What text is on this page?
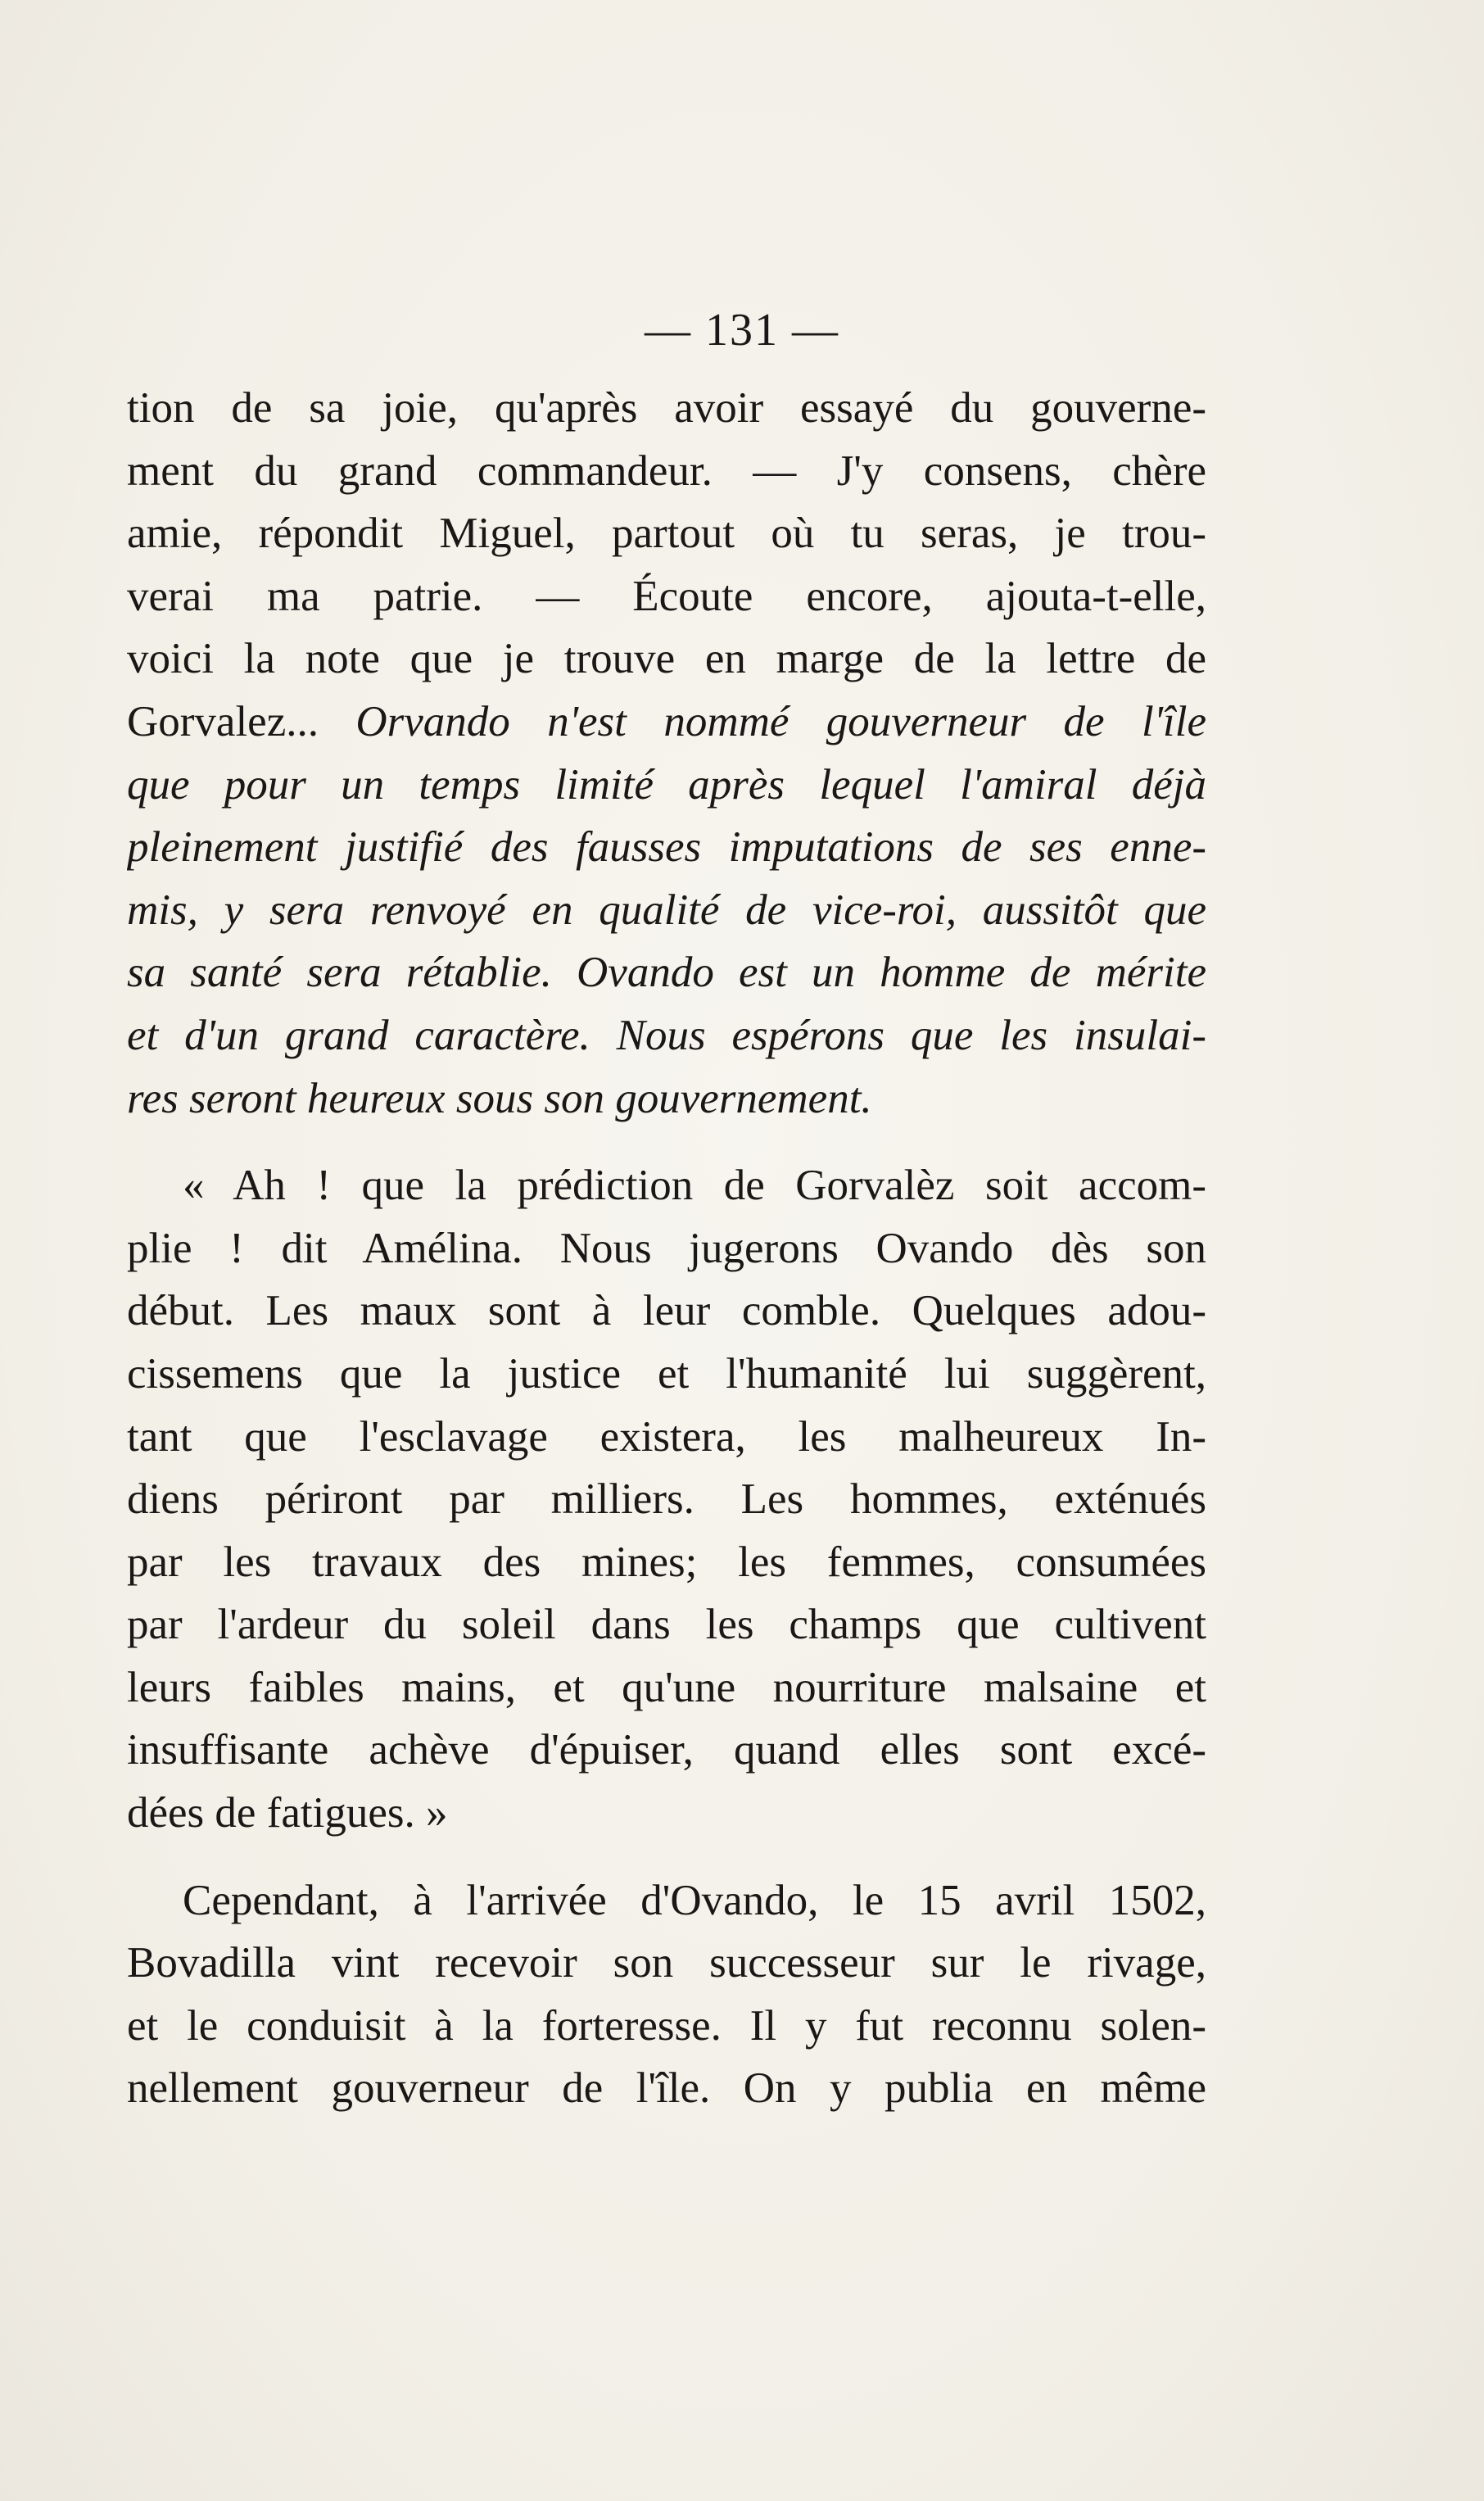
— 131 —
tion de sa joie, qu'après avoir essayé du gouverne-
ment du grand commandeur. — J'y consens, chère
amie, répondit Miguel, partout où tu seras, je trou-
verai ma patrie. — Écoute encore, ajouta-t-elle,
voici la note que je trouve en marge de la lettre de
Gorvalez... Orvando n'est nommé gouverneur de l'île
que pour un temps limité après lequel l'amiral déjà
pleinement justifié des fausses imputations de ses enne-
mis, y sera renvoyé en qualité de vice-roi, aussitôt que
sa santé sera rétablie. Ovando est un homme de mérite
et d'un grand caractère. Nous espérons que les insulai-
res seront heureux sous son gouvernement.
« Ah ! que la prédiction de Gorvalèz soit accom-
plie ! dit Amélina. Nous jugerons Ovando dès son
début. Les maux sont à leur comble. Quelques adou-
cissemens que la justice et l'humanité lui suggèrent,
tant que l'esclavage existera, les malheureux In-
diens périront par milliers. Les hommes, exténués
par les travaux des mines; les femmes, consumées
par l'ardeur du soleil dans les champs que cultivent
leurs faibles mains, et qu'une nourriture malsaine et
insuffisante achève d'épuiser, quand elles sont excé-
dées de fatigues. »
Cependant, à l'arrivée d'Ovando, le 15 avril 1502,
Bovadilla vint recevoir son successeur sur le rivage,
et le conduisit à la forteresse. Il y fut reconnu solen-
nellement gouverneur de l'île. On y publia en même
